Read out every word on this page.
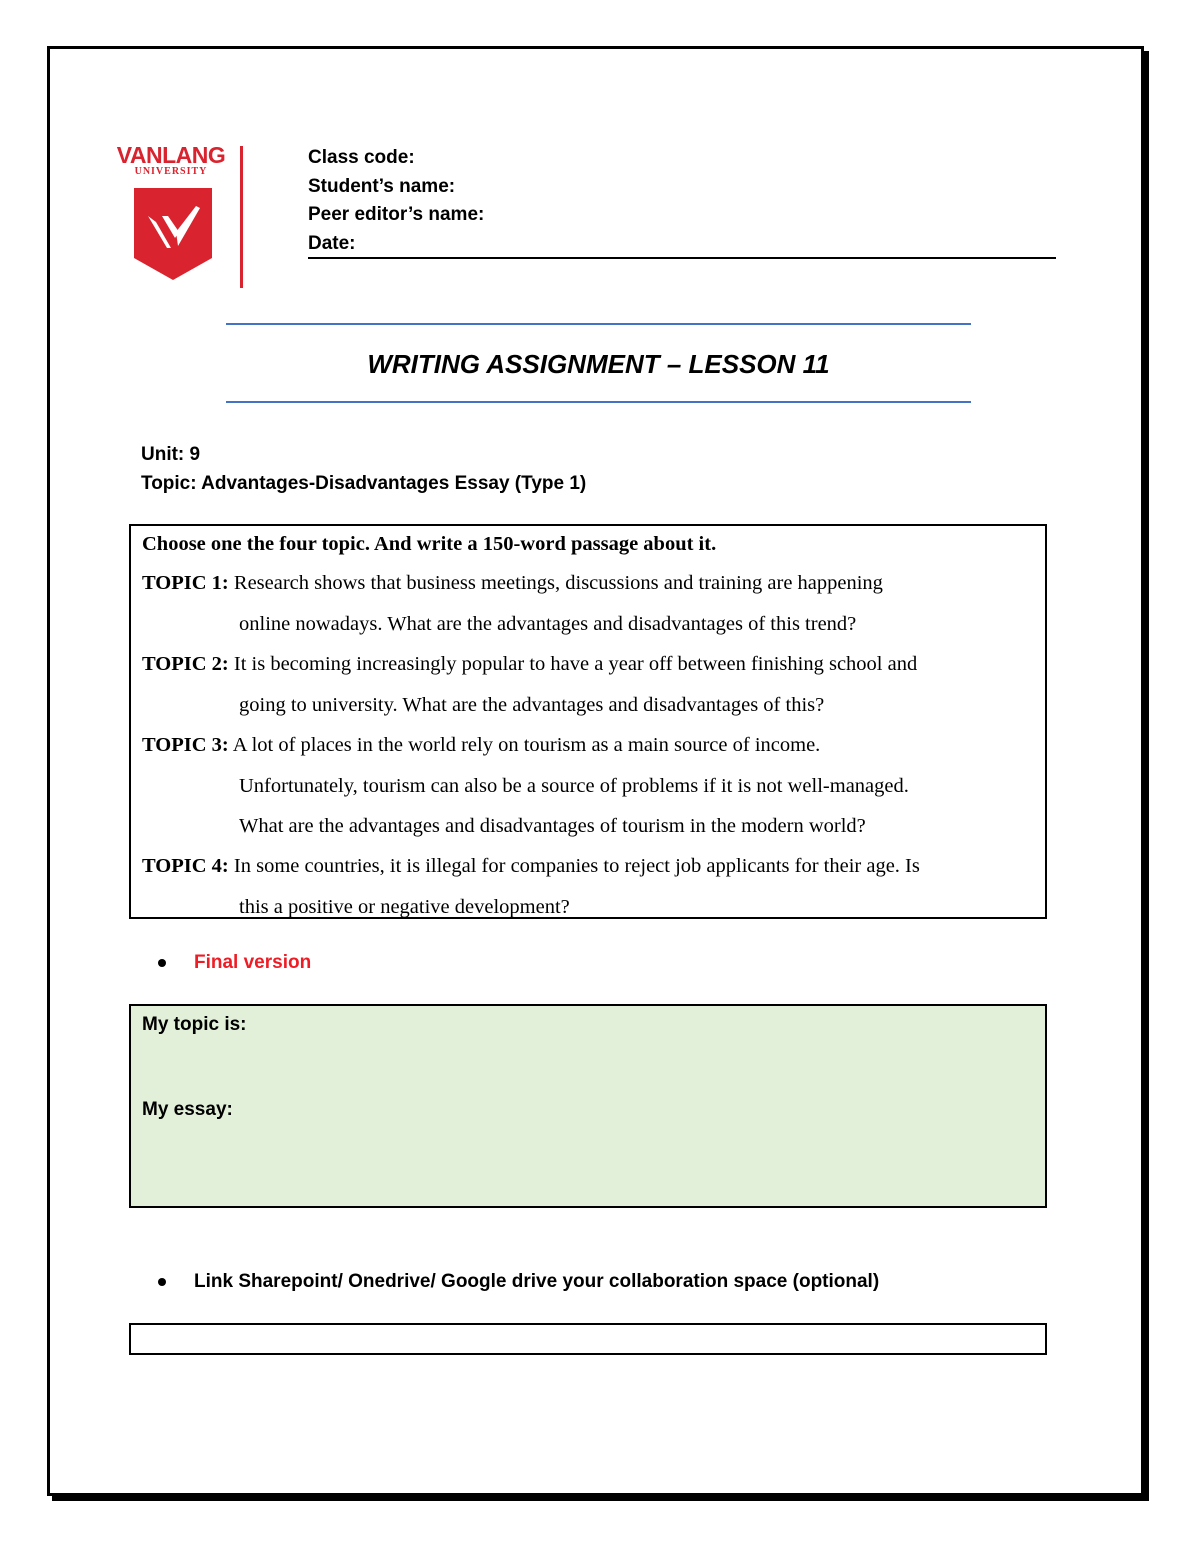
VANLANG
UNIVERSITY
Class code:
Student’s name:
Peer editor’s name:
Date:
WRITING ASSIGNMENT – LESSON 11
Unit: 9
Topic: Advantages-Disadvantages Essay (Type 1)
Choose one the four topic. And write a 150-word passage about it.
TOPIC 1: Research shows that business meetings, discussions and training are happening
online nowadays. What are the advantages and disadvantages of this trend?
TOPIC 2: It is becoming increasingly popular to have a year off between finishing school and
going to university. What are the advantages and disadvantages of this?
TOPIC 3: A lot of places in the world rely on tourism as a main source of income.
Unfortunately, tourism can also be a source of problems if it is not well-managed.
What are the advantages and disadvantages of tourism in the modern world?
TOPIC 4: In some countries, it is illegal for companies to reject job applicants for their age. Is
this a positive or negative development?
Final version
My topic is:
My essay:
Link Sharepoint/ Onedrive/ Google drive your collaboration space (optional)
